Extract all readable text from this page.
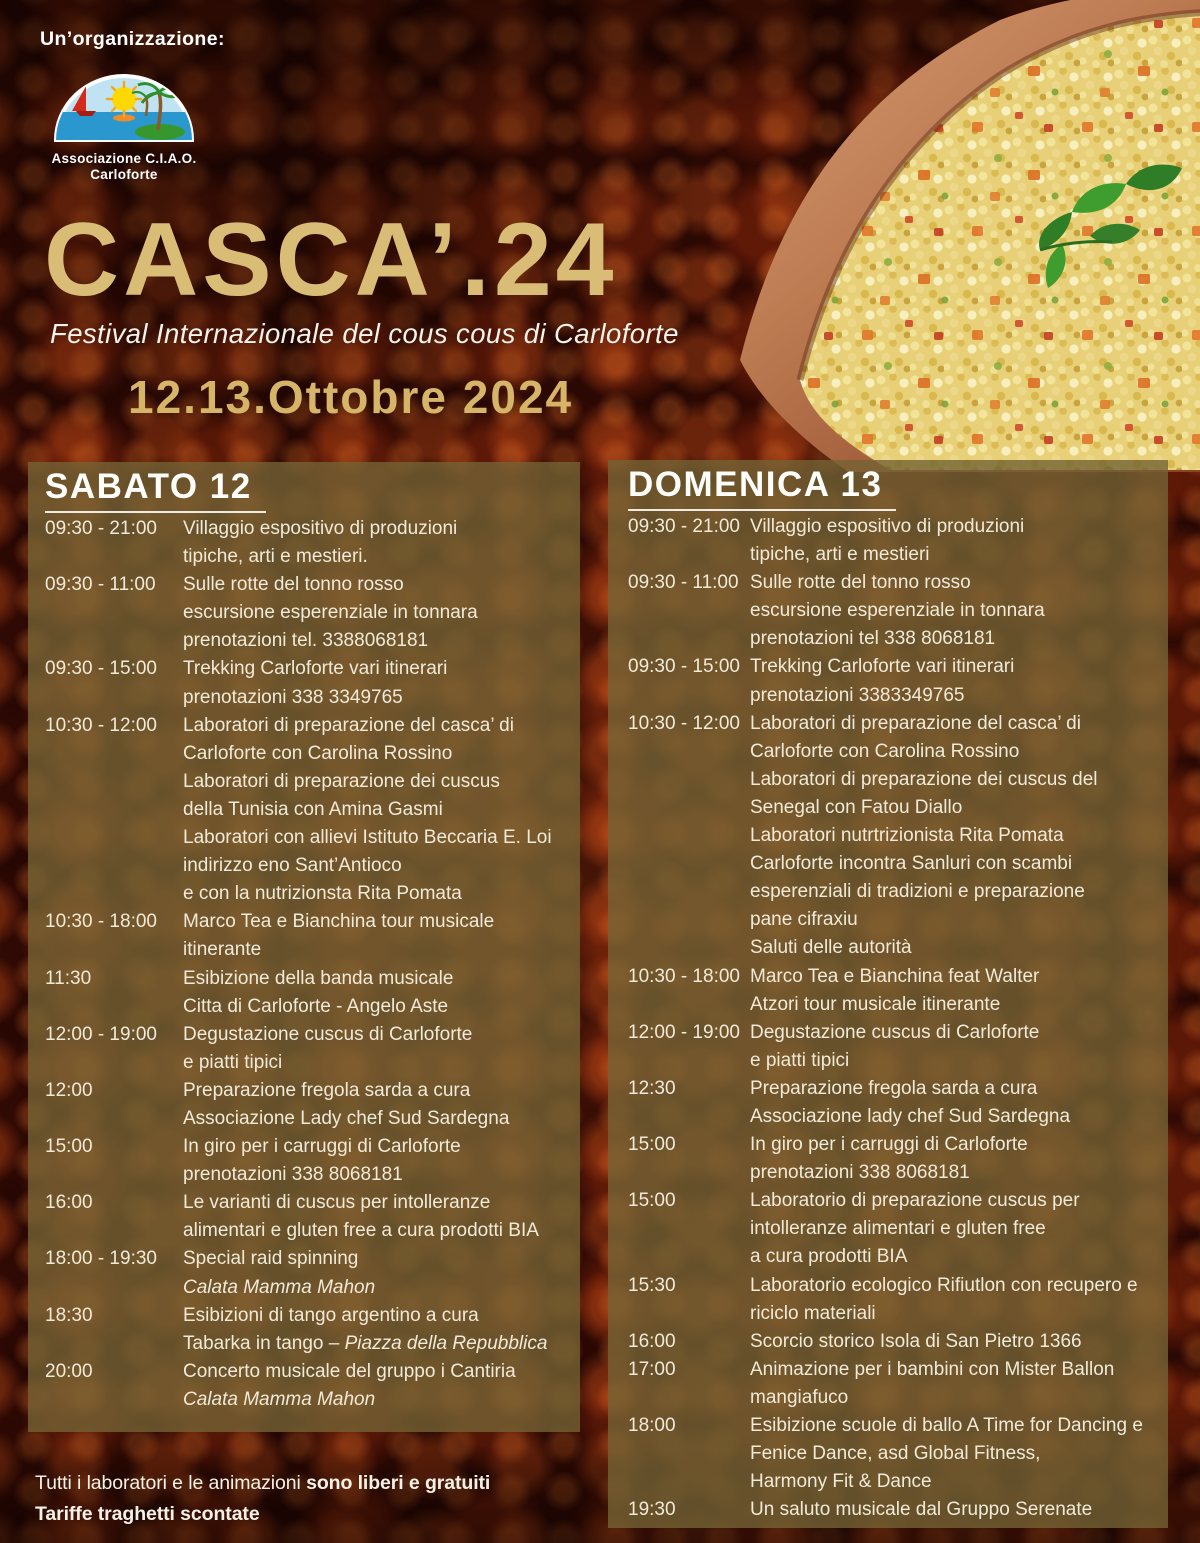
Un’organizzazione:
Associazione C.I.A.O.
Carloforte
CASCA’.24
Festival Internazionale del cous cous di Carloforte
12.13.Ottobre 2024
SABATO 12
09:30 - 21:00	Villaggio espositivo di produzioni
tipiche, arti e mestieri.
09:30 - 11:00	Sulle rotte del tonno rosso
escursione esperenziale in tonnara
prenotazioni tel. 3388068181
09:30 - 15:00	Trekking Carloforte vari itinerari
prenotazioni 338 3349765
10:30 - 12:00	Laboratori di preparazione del casca’ di
Carloforte con Carolina Rossino
Laboratori di preparazione dei cuscus
della Tunisia con Amina Gasmi
Laboratori con allievi Istituto Beccaria E. Loi
indirizzo eno Sant’Antioco
e con la nutrizionsta Rita Pomata
10:30 - 18:00	Marco Tea e Bianchina tour musicale
itinerante
11:30	Esibizione della banda musicale
Citta di Carloforte - Angelo Aste
12:00 - 19:00	Degustazione cuscus di Carloforte
e piatti tipici
12:00	Preparazione fregola sarda a cura
Associazione Lady chef Sud Sardegna
15:00	In giro per i carruggi di Carloforte
prenotazioni 338 8068181
16:00	Le varianti di cuscus per intolleranze
alimentari e gluten free a cura prodotti BIA
18:00 - 19:30	Special raid spinning
Calata Mamma Mahon
18:30	Esibizioni di tango argentino a cura
Tabarka in tango – Piazza della Repubblica
20:00	Concerto musicale del gruppo i Cantiria
Calata Mamma Mahon
DOMENICA 13
09:30 - 21:00 Villaggio espositivo di produzioni
tipiche, arti e mestieri
09:30 - 11:00 Sulle rotte del tonno rosso
escursione esperenziale in tonnara
prenotazioni tel 338 8068181
09:30 - 15:00 Trekking Carloforte vari itinerari
prenotazioni 3383349765
10:30 - 12:00 Laboratori di preparazione del casca’ di
Carloforte con Carolina Rossino
Laboratori di preparazione dei cuscus del
Senegal con Fatou Diallo
Laboratori nutrtrizionista Rita Pomata
Carloforte incontra Sanluri con scambi
esperenziali di tradizioni e preparazione
pane cifraxiu
Saluti delle autorità
10:30 - 18:00 Marco Tea e Bianchina feat Walter
Atzori tour musicale itinerante
12:00 - 19:00 Degustazione cuscus di Carloforte
e piatti tipici
12:30	Preparazione fregola sarda a cura
Associazione lady chef Sud Sardegna
15:00	In giro per i carruggi di Carloforte
prenotazioni 338 8068181
15:00	Laboratorio di preparazione cuscus per
intolleranze alimentari e gluten free
a cura prodotti BIA
15:30	Laboratorio ecologico Rifiutlon con recupero e
riciclo materiali
16:00	Scorcio storico Isola di San Pietro 1366
17:00	Animazione per i bambini con Mister Ballon
mangiafuco
18:00	Esibizione scuole di ballo A Time for Dancing e
Fenice Dance, asd Global Fitness,
Harmony Fit & Dance
19:30	Un saluto musicale dal Gruppo Serenate
Tutti i laboratori e le animazioni sono liberi e gratuiti
Tariffe traghetti scontate
